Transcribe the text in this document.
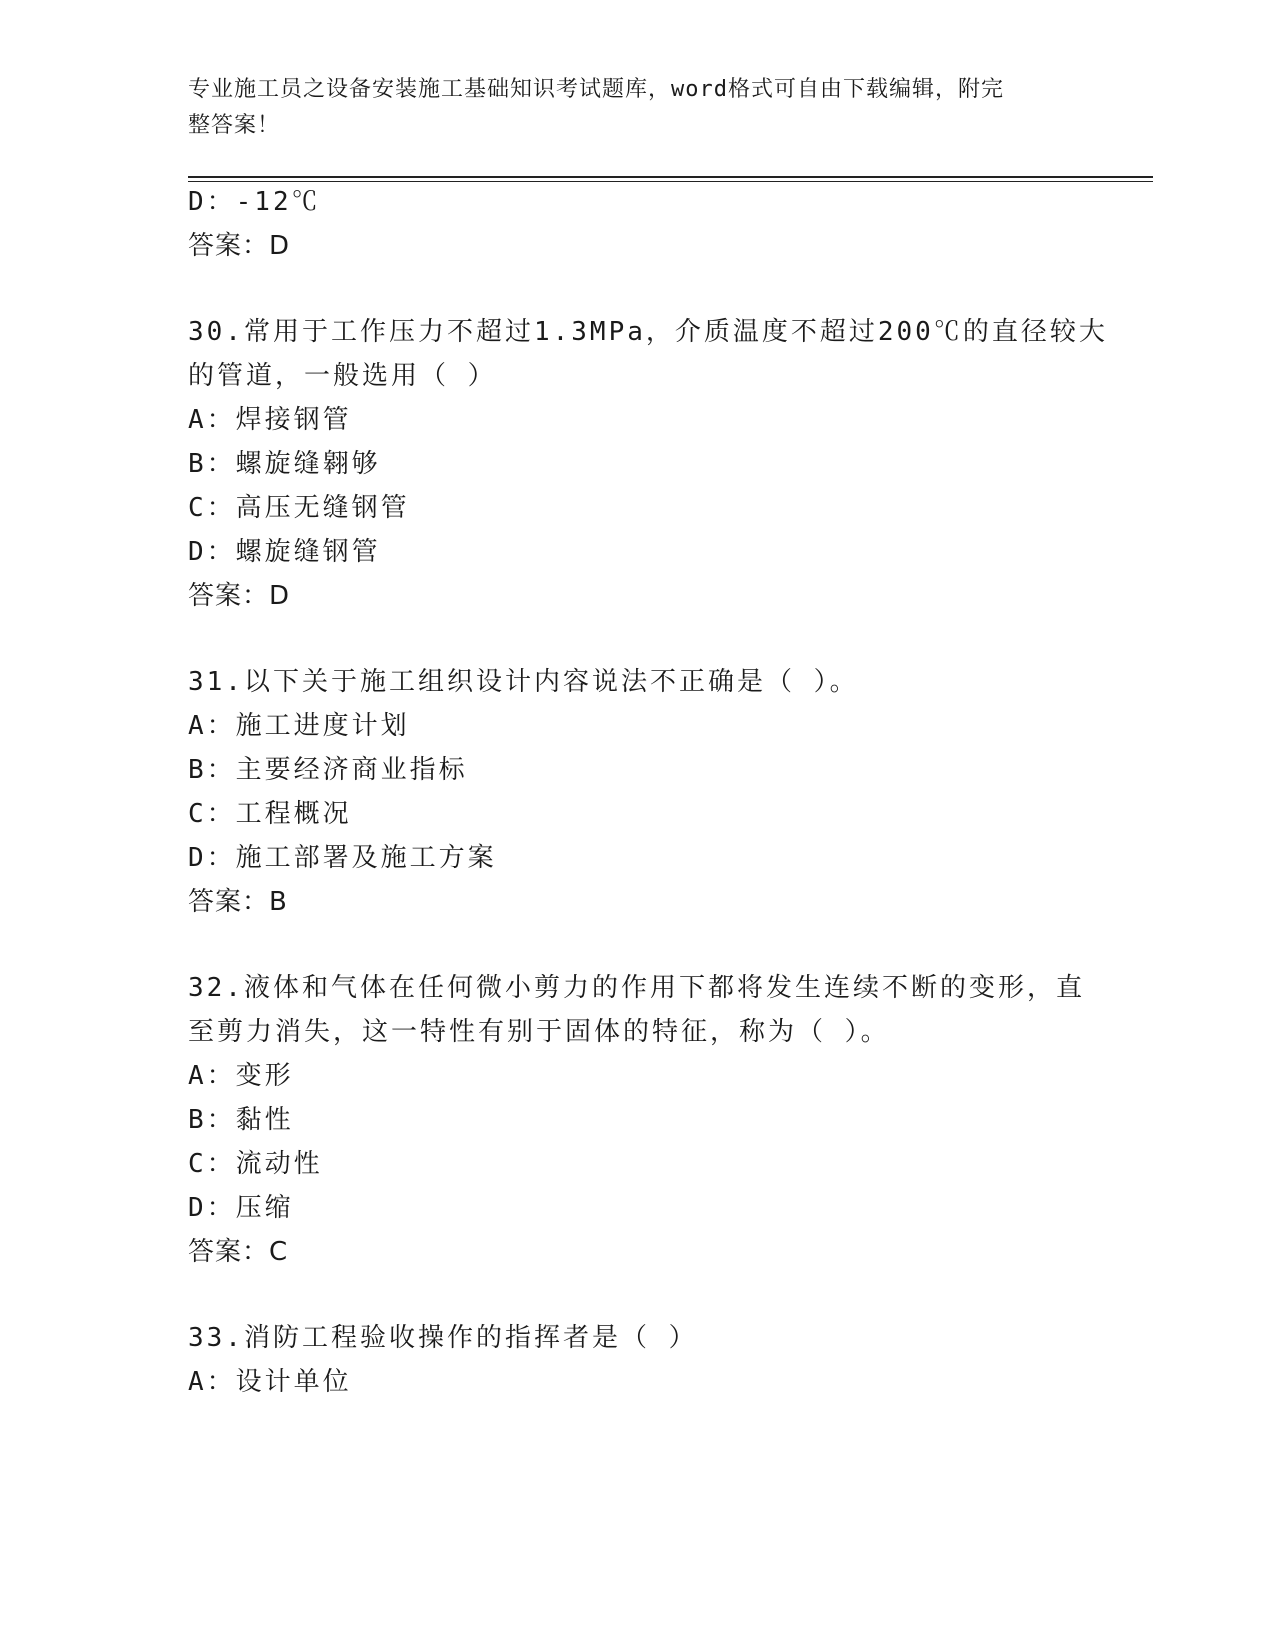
专业施工员之设备安装施工基础知识考试题库，word格式可自由下载编辑，附完
整答案！
D：-12℃
答案：D
30.常用于工作压力不超过1.3MPa，介质温度不超过200℃的直径较大
的管道，一般选用（ ）
A：焊接钢管
B：螺旋缝翱够
C：高压无缝钢管
D：螺旋缝钢管
答案：D
31.以下关于施工组织设计内容说法不正确是（ ）。
A：施工进度计划
B：主要经济商业指标
C：工程概况
D：施工部署及施工方案
答案：B
32.液体和气体在任何微小剪力的作用下都将发生连续不断的变形，直
至剪力消失，这一特性有别于固体的特征，称为（ ）。
A：变形
B：黏性
C：流动性
D：压缩
答案：C
33.消防工程验收操作的指挥者是（ ）
A：设计单位
